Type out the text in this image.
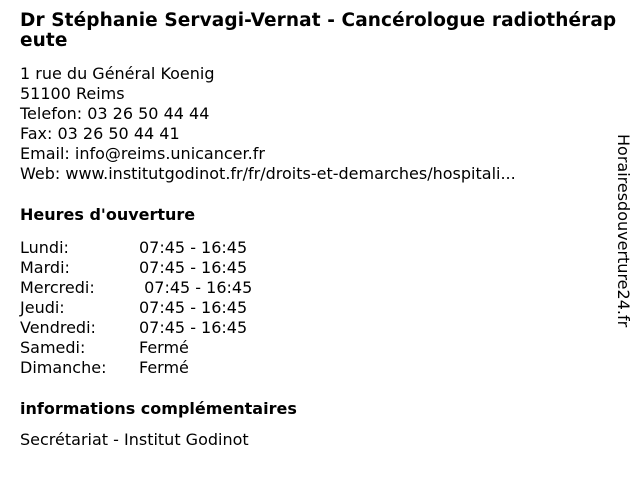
Dr Stéphanie Servagi-Vernat - Cancérologue radiothérapeute
1 rue du Général Koenig
51100 Reims
Telefon: 03 26 50 44 44
Fax: 03 26 50 44 41
Email: info@reims.unicancer.fr
Web: www.institutgodinot.fr/fr/droits-et-demarches/hospitali...
Heures d'ouverture
Lundi:	07:45 - 16:45
Mardi:	07:45 - 16:45
Mercredi:	07:45 - 16:45
Jeudi:	07:45 - 16:45
Vendredi:	07:45 - 16:45
Samedi:	Fermé
Dimanche:	Fermé
informations complémentaires
Secrétariat - Institut Godinot
Horairesdouverture24.fr
